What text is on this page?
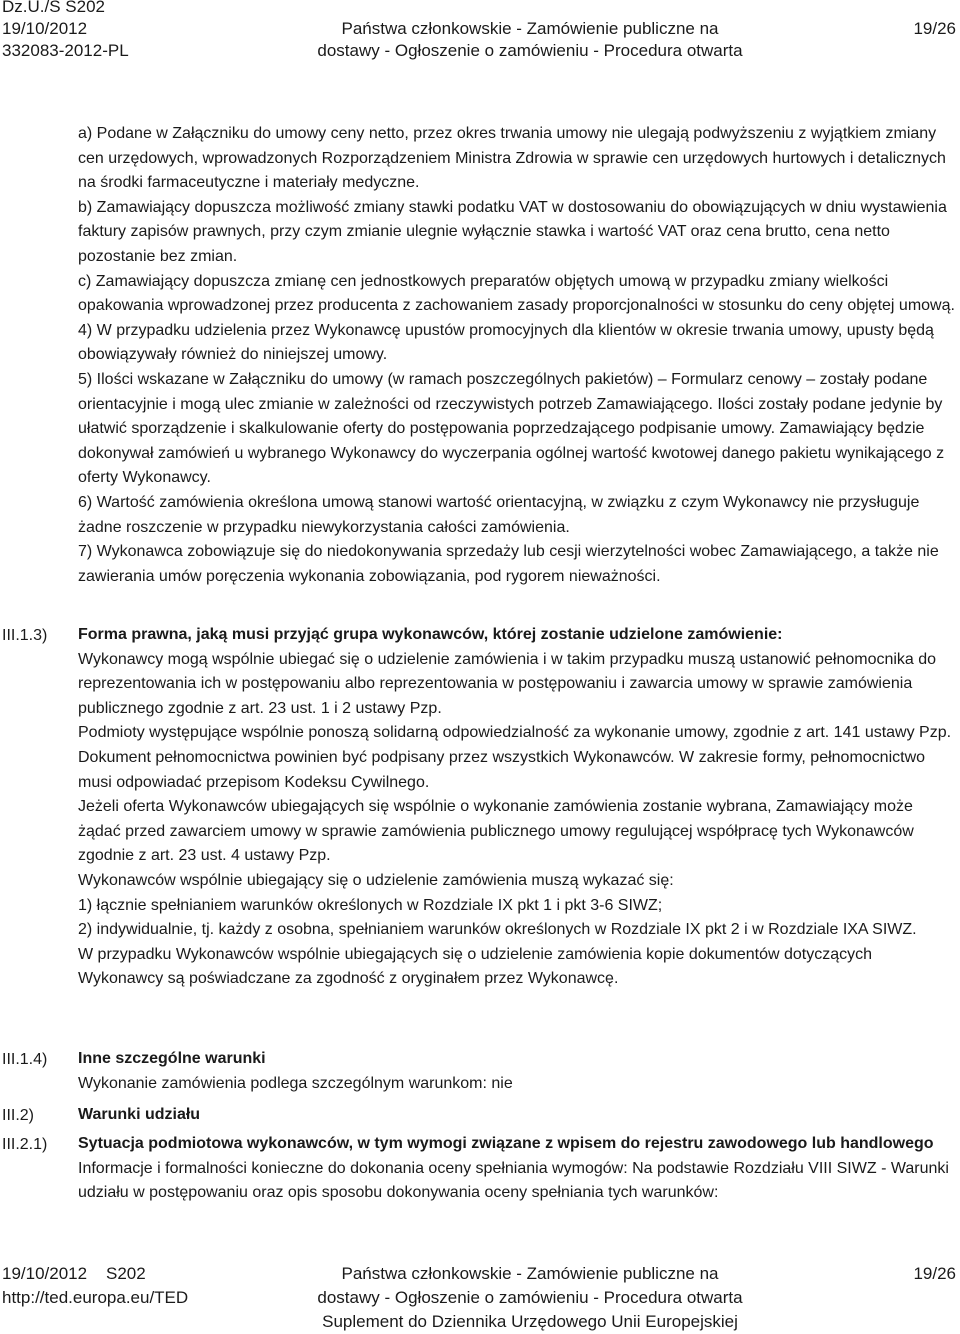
Dz.U./S S202
19/10/2012
332083-2012-PL
Państwa członkowskie - Zamówienie publiczne na
dostawy - Ogłoszenie o zamówieniu - Procedura otwarta
19/26
III.1.3)
III.1.4)
III.2)
III.2.1)

a) Podane w Załączniku do umowy ceny netto, przez okres trwania umowy nie ulegają podwyższeniu z wyjątkiem zmiany cen urzędowych, wprowadzonych Rozporządzeniem Ministra Zdrowia w sprawie cen urzędowych hurtowych i detalicznych na środki farmaceutyczne i materiały medyczne.

b) Zamawiający dopuszcza możliwość zmiany stawki podatku VAT w dostosowaniu do obowiązujących w dniu wystawienia faktury zapisów prawnych, przy czym zmianie ulegnie wyłącznie stawka i wartość VAT oraz cena brutto, cena netto pozostanie bez zmian.

c) Zamawiający dopuszcza zmianę cen jednostkowych preparatów objętych umową w przypadku zmiany wielkości opakowania wprowadzonej przez producenta z zachowaniem zasady proporcjonalności w stosunku do ceny objętej umową.

4) W przypadku udzielenia przez Wykonawcę upustów promocyjnych dla klientów w okresie trwania umowy, upusty będą obowiązywały również do niniejszej umowy.

5) Ilości wskazane w Załączniku do umowy (w ramach poszczególnych pakietów) – Formularz cenowy – zostały podane orientacyjnie i mogą ulec zmianie w zależności od rzeczywistych potrzeb Zamawiającego. Ilości zostały podane jedynie by ułatwić sporządzenie i skalkulowanie oferty do postępowania poprzedzającego podpisanie umowy. Zamawiający będzie dokonywał zamówień u wybranego Wykonawcy do wyczerpania ogólnej wartość kwotowej danego pakietu wynikającego z oferty Wykonawcy.

6) Wartość zamówienia określona umową stanowi wartość orientacyjną, w związku z czym Wykonawcy nie przysługuje żadne roszczenie w przypadku niewykorzystania całości zamówienia.

7) Wykonawca zobowiązuje się do niedokonywania sprzedaży lub cesji wierzytelności wobec Zamawiającego, a także nie zawierania umów poręczenia wykonania zobowiązania, pod rygorem nieważności.

Forma prawna, jaką musi przyjąć grupa wykonawców, której zostanie udzielone zamówienie:

Wykonawcy mogą wspólnie ubiegać się o udzielenie zamówienia i w takim przypadku muszą ustanowić pełnomocnika do reprezentowania ich w postępowaniu albo reprezentowania w postępowaniu i zawarcia umowy w sprawie zamówienia publicznego zgodnie z art. 23 ust. 1 i 2 ustawy Pzp.

Podmioty występujące wspólnie ponoszą solidarną odpowiedzialność za wykonanie umowy, zgodnie z art. 141 ustawy Pzp.

Dokument pełnomocnictwa powinien być podpisany przez wszystkich Wykonawców. W zakresie formy, pełnomocnictwo musi odpowiadać przepisom Kodeksu Cywilnego.

Jeżeli oferta Wykonawców ubiegających się wspólnie o wykonanie zamówienia zostanie wybrana, Zamawiający może żądać przed zawarciem umowy w sprawie zamówienia publicznego umowy regulującej współpracę tych Wykonawców zgodnie z art. 23 ust. 4 ustawy Pzp.

Wykonawców wspólnie ubiegający się o udzielenie zamówienia muszą wykazać się:

1) łącznie spełnianiem warunków określonych w Rozdziale IX pkt 1 i pkt 3-6 SIWZ;

2) indywidualnie, tj. każdy z osobna, spełnianiem warunków określonych w Rozdziale IX pkt 2 i w Rozdziale IXA SIWZ.

W przypadku Wykonawców wspólnie ubiegających się o udzielenie zamówienia kopie dokumentów dotyczących Wykonawcy są poświadczane za zgodność z oryginałem przez Wykonawcę.

Inne szczególne warunki

Wykonanie zamówienia podlega szczególnym warunkom: nie

Warunki udziału

Sytuacja podmiotowa wykonawców, w tym wymogi związane z wpisem do rejestru zawodowego lub handlowego

Informacje i formalności konieczne do dokonania oceny spełniania wymogów: Na podstawie Rozdziału VIII SIWZ - Warunki udziału w postępowaniu oraz opis sposobu dokonywania oceny spełniania tych warunków:

19/10/2012 S202
http://ted.europa.eu/TED
Państwa członkowskie - Zamówienie publiczne na
dostawy - Ogłoszenie o zamówieniu - Procedura otwarta
Suplement do Dziennika Urzędowego Unii Europejskiej
19/26
